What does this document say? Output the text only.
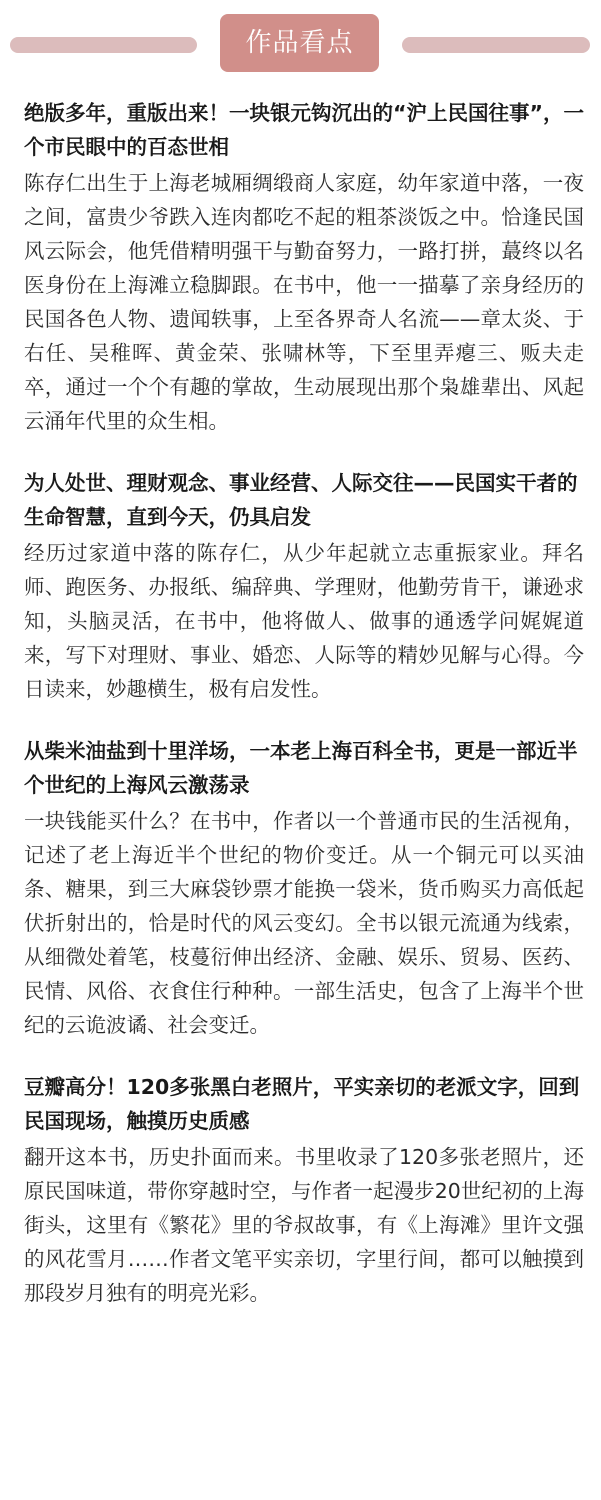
作品看点

绝版多年，重版出来！一块银元钩沉出的“沪上民国往事”，一个市民眼中的百态世相

陈存仁出生于上海老城厢绸缎商人家庭，幼年家道中落，一夜之间，富贵少爷跌入连肉都吃不起的粗茶淡饭之中。恰逢民国风云际会，他凭借精明强干与勤奋努力，一路打拼，蕞终以名医身份在上海滩立稳脚跟。在书中，他一一描摹了亲身经历的民国各色人物、遗闻轶事，上至各界奇人名流——章太炎、于右任、吴稚晖、黄金荣、张啸林等，下至里弄瘪三、贩夫走卒，通过一个个有趣的掌故，生动展现出那个枭雄辈出、风起云涌年代里的众生相。

为人处世、理财观念、事业经营、人际交往——民国实干者的生命智慧，直到今天，仍具启发

经历过家道中落的陈存仁，从少年起就立志重振家业。拜名师、跑医务、办报纸、编辞典、学理财，他勤劳肯干，谦逊求知，头脑灵活，在书中，他将做人、做事的通透学问娓娓道来，写下对理财、事业、婚恋、人际等的精妙见解与心得。今日读来，妙趣横生，极有启发性。

从柴米油盐到十里洋场，一本老上海百科全书，更是一部近半个世纪的上海风云激荡录

一块钱能买什么？在书中，作者以一个普通市民的生活视角，记述了老上海近半个世纪的物价变迁。从一个铜元可以买油条、糖果，到三大麻袋钞票才能换一袋米，货币购买力高低起伏折射出的，恰是时代的风云变幻。全书以银元流通为线索，从细微处着笔，枝蔓衍伸出经济、金融、娱乐、贸易、医药、民情、风俗、衣食住行种种。一部生活史，包含了上海半个世纪的云诡波谲、社会变迁。

豆瓣高分！120多张黑白老照片，平实亲切的老派文字，回到民国现场，触摸历史质感

翻开这本书，历史扑面而来。书里收录了120多张老照片，还原民国味道，带你穿越时空，与作者一起漫步20世纪初的上海街头，这里有《繁花》里的爷叔故事，有《上海滩》里许文强的风花雪月……作者文笔平实亲切，字里行间，都可以触摸到那段岁月独有的明亮光彩。
